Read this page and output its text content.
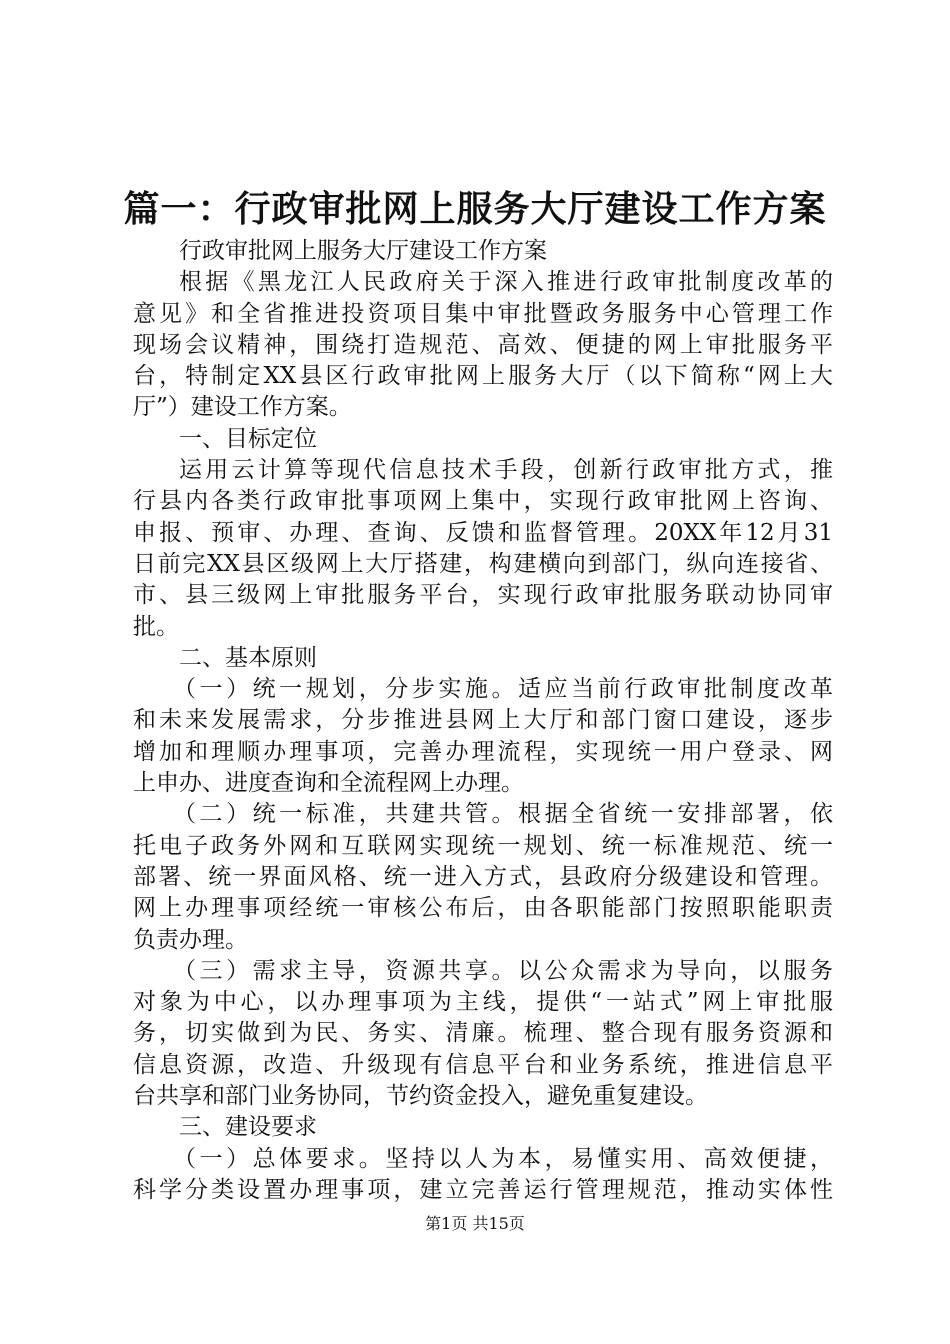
篇一：行政审批网上服务大厅建设工作方案
行政审批网上服务大厅建设工作方案
根据《黑龙江人民政府关于深入推进行政审批制度改革的
意见》和全省推进投资项目集中审批暨政务服务中心管理工作
现场会议精神，围绕打造规范、高效、便捷的网上审批服务平
台，特制定XX县区行政审批网上服务大厅（以下简称“网上大
厅”）建设工作方案。
一、目标定位
运用云计算等现代信息技术手段，创新行政审批方式，推
行县内各类行政审批事项网上集中，实现行政审批网上咨询、
申报、预审、办理、查询、反馈和监督管理。20XX年12月31
日前完XX县区级网上大厅搭建，构建横向到部门，纵向连接省、
市、县三级网上审批服务平台，实现行政审批服务联动协同审
批。
二、基本原则
（一）统一规划，分步实施。适应当前行政审批制度改革
和未来发展需求，分步推进县网上大厅和部门窗口建设，逐步
增加和理顺办理事项，完善办理流程，实现统一用户登录、网
上申办、进度查询和全流程网上办理。
（二）统一标准，共建共管。根据全省统一安排部署，依
托电子政务外网和互联网实现统一规划、统一标准规范、统一
部署、统一界面风格、统一进入方式，县政府分级建设和管理。
网上办理事项经统一审核公布后，由各职能部门按照职能职责
负责办理。
（三）需求主导，资源共享。以公众需求为导向，以服务
对象为中心，以办理事项为主线，提供“一站式”网上审批服
务，切实做到为民、务实、清廉。梳理、整合现有服务资源和
信息资源，改造、升级现有信息平台和业务系统，推进信息平
台共享和部门业务协同，节约资金投入，避免重复建设。
三、建设要求
（一）总体要求。坚持以人为本，易懂实用、高效便捷，
科学分类设置办理事项，建立完善运行管理规范，推动实体性
第1页 共15页
